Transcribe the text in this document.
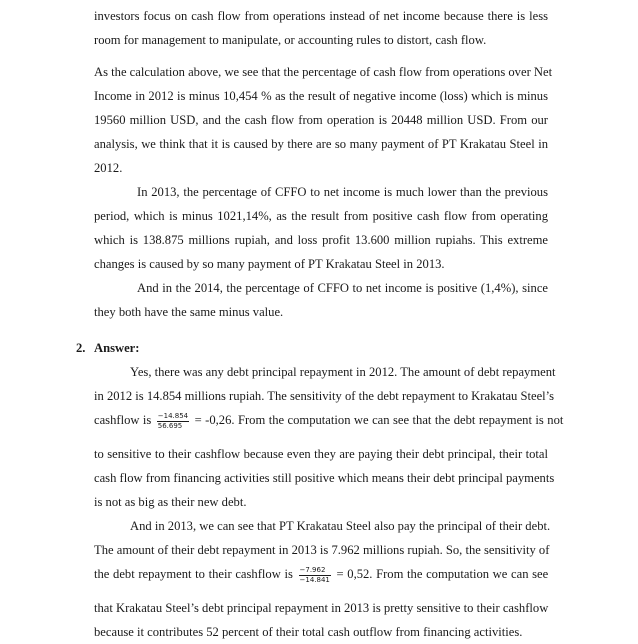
investors focus on cash flow from operations instead of net income because there is less
room for management to manipulate, or accounting rules to distort, cash flow.
As the calculation above, we see that the percentage of cash flow from operations over Net
Income in 2012 is minus 10,454 % as the result of negative income (loss) which is minus
19560 million USD, and the cash flow from operation is 20448 million USD. From our
analysis, we think that it is caused by there are so many payment of PT Krakatau Steel in
2012.
In 2013, the percentage of CFFO to net income is much lower than the previous
period, which is minus 1021,14%, as the result from positive cash flow from operating
which is 138.875 millions rupiah, and loss profit 13.600 million rupiahs. This extreme
changes is caused by so many payment of PT Krakatau Steel in 2013.
And in the 2014, the percentage of CFFO to net income is positive (1,4%), since
they both have the same minus value.
2. Answer:
Yes, there was any debt principal repayment in 2012. The amount of debt repayment
in 2012 is 14.854 millions rupiah. The sensitivity of the debt repayment to Krakatau Steel’s
cashflow is $\frac{-14.854}{56.695} = -0,26$. From the computation we can see that the debt repayment is not
to sensitive to their cashflow because even they are paying their debt principal, their total
cash flow from financing activities still positive which means their debt principal payments
is not as big as their new debt.
And in 2013, we can see that PT Krakatau Steel also pay the principal of their debt.
The amount of their debt repayment in 2013 is 7.962 millions rupiah. So, the sensitivity of
the debt repayment to their cashflow is $\frac{-7.962}{-14.841} = 0,52$. From the computation we can see
that Krakatau Steel’s debt principal repayment in 2013 is pretty sensitive to their cashflow
because it contributes 52 percent of their total cash outflow from financing activities.
